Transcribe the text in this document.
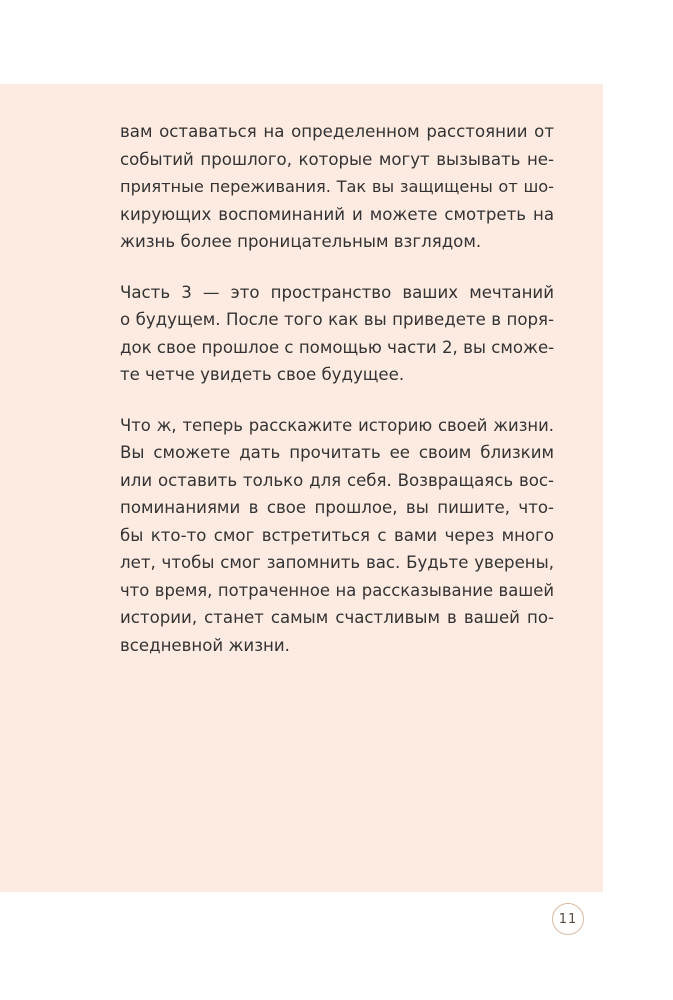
вам оставаться на определенном расстоянии от
событий прошлого, которые могут вызывать не-
приятные переживания. Так вы защищены от шо-
кирующих воспоминаний и можете смотреть на
жизнь более проницательным взглядом.

Часть 3 — это пространство ваших мечтаний
о будущем. После того как вы приведете в поря-
док свое прошлое с помощью части 2, вы сможе-
те четче увидеть свое будущее.

Что ж, теперь расскажите историю своей жизни.
Вы сможете дать прочитать ее своим близким
или оставить только для себя. Возвращаясь вос-
поминаниями в свое прошлое, вы пишите, что-
бы кто-то смог встретиться с вами через много
лет, чтобы смог запомнить вас. Будьте уверены,
что время, потраченное на рассказывание вашей
истории, станет самым счастливым в вашей по-
вседневной жизни.

11
